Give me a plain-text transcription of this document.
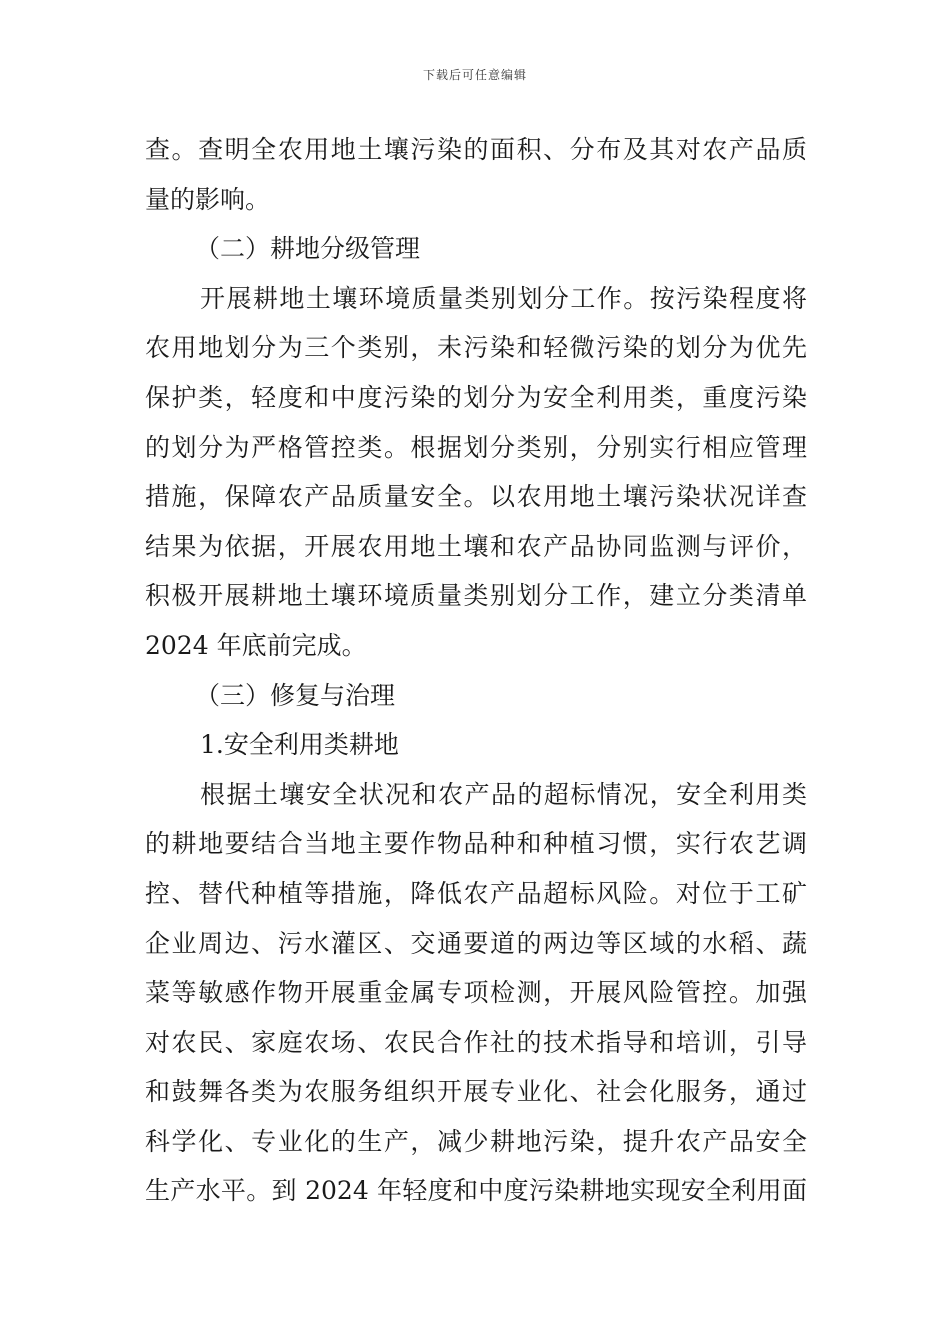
下载后可任意编辑
查。查明全农用地土壤污染的面积、分布及其对农产品质
量的影响。
（二）耕地分级管理
开展耕地土壤环境质量类别划分工作。按污染程度将
农用地划分为三个类别，未污染和轻微污染的划分为优先
保护类，轻度和中度污染的划分为安全利用类，重度污染
的划分为严格管控类。根据划分类别，分别实行相应管理
措施，保障农产品质量安全。以农用地土壤污染状况详查
结果为依据，开展农用地土壤和农产品协同监测与评价，
积极开展耕地土壤环境质量类别划分工作，建立分类清单
2024 年底前完成。
（三）修复与治理
1.安全利用类耕地
根据土壤安全状况和农产品的超标情况，安全利用类
的耕地要结合当地主要作物品种和种植习惯，实行农艺调
控、替代种植等措施，降低农产品超标风险。对位于工矿
企业周边、污水灌区、交通要道的两边等区域的水稻、蔬
菜等敏感作物开展重金属专项检测，开展风险管控。加强
对农民、家庭农场、农民合作社的技术指导和培训，引导
和鼓舞各类为农服务组织开展专业化、社会化服务，通过
科学化、专业化的生产，减少耕地污染，提升农产品安全
生产水平。到 2024 年轻度和中度污染耕地实现安全利用面
